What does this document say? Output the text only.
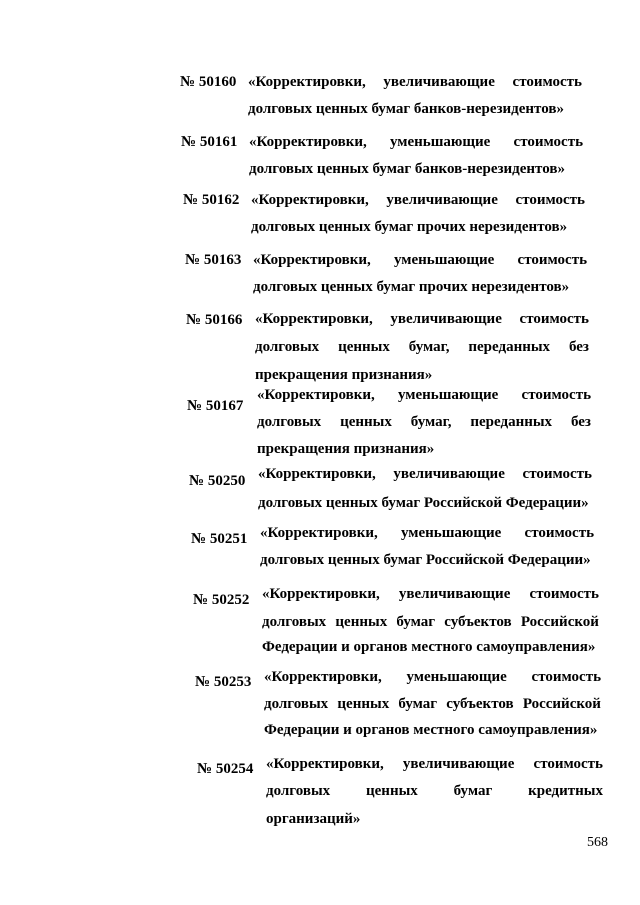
№ 50160 «Корректировки, увеличивающие стоимость
долговых ценных бумаг банков-нерезидентов»
№ 50161 «Корректировки, уменьшающие стоимость
долговых ценных бумаг банков-нерезидентов»
№ 50162 «Корректировки, увеличивающие стоимость
долговых ценных бумаг прочих нерезидентов»
№ 50163 «Корректировки, уменьшающие стоимость
долговых ценных бумаг прочих нерезидентов»
№ 50166 «Корректировки, увеличивающие стоимость
долговых ценных бумаг, переданных без
прекращения признания»
№ 50167
«Корректировки, уменьшающие стоимость
долговых ценных бумаг, переданных без
прекращения признания»
№ 50250 «Корректировки, увеличивающие стоимость
долговых ценных бумаг Российской Федерации»
№ 50251 «Корректировки, уменьшающие стоимость
долговых ценных бумаг Российской Федерации»
№ 50252 «Корректировки, увеличивающие стоимость
долговых ценных бумаг субъектов Российской
Федерации и органов местного самоуправления»
№ 50253 «Корректировки, уменьшающие стоимость
долговых ценных бумаг субъектов Российской
Федерации и органов местного самоуправления»
№ 50254 «Корректировки, увеличивающие стоимость
долговых ценных бумаг кредитных
организаций»
568
